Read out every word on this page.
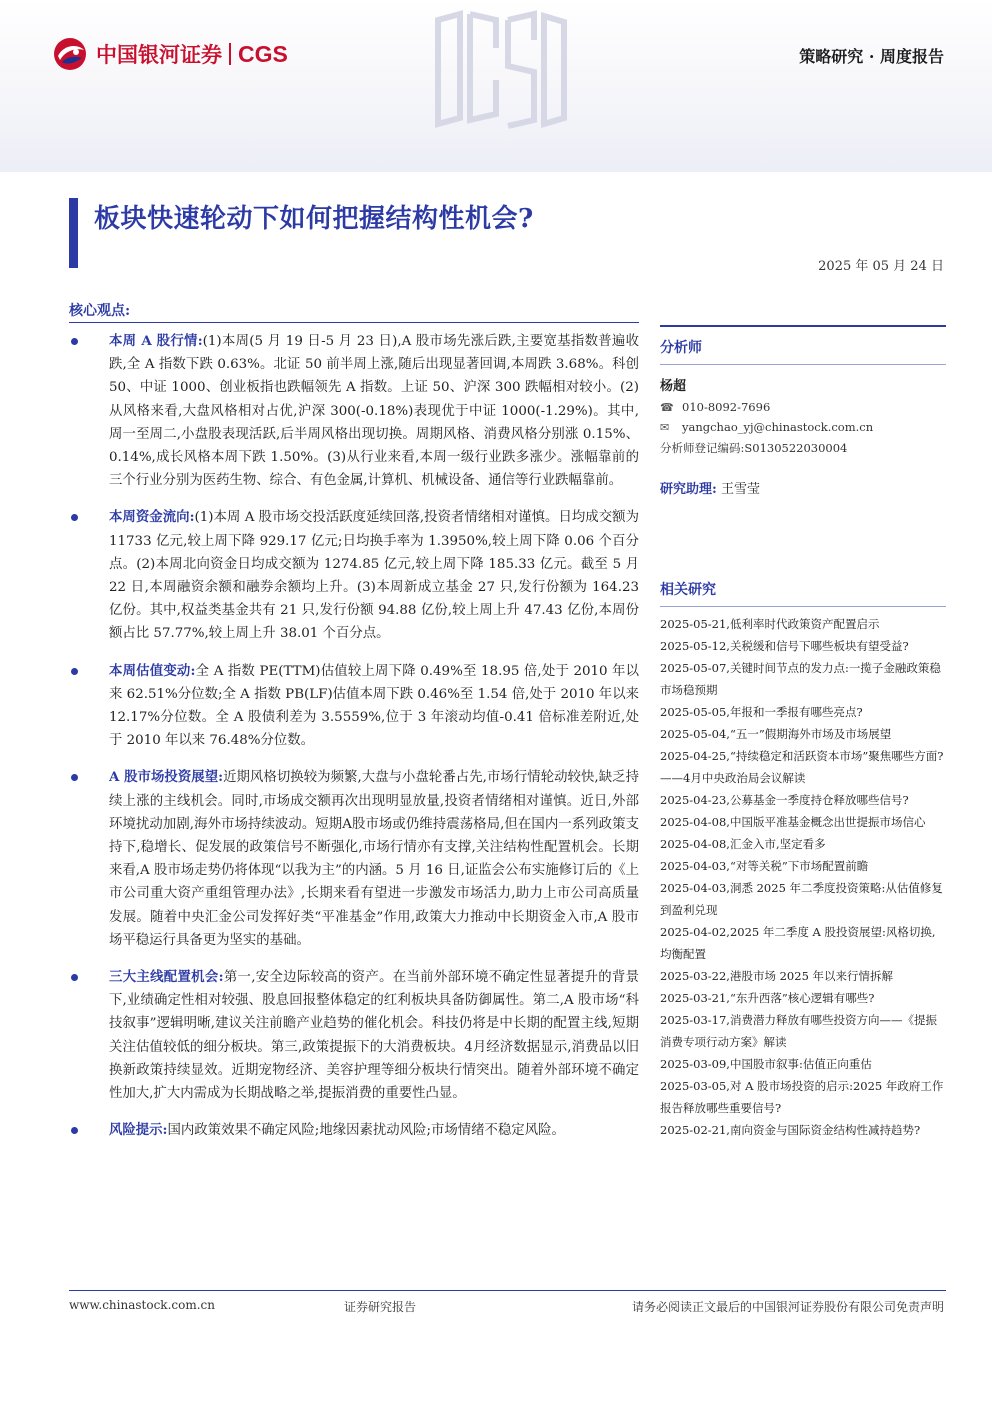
中国银河证券 CGS	策略研究 · 周度报告
板块快速轮动下如何把握结构性机会?
2025 年 05 月 24 日
核心观点:
本周 A 股行情:(1)本周(5 月 19 日-5 月 23 日),A 股市场先涨后跌,主要宽基指数普遍收跌,全 A 指数下跌 0.63%。北证 50 前半周上涨,随后出现显著回调,本周跌 3.68%。科创 50、中证 1000、创业板指也跌幅领先 A 指数。上证 50、沪深 300 跌幅相对较小。(2)从风格来看,大盘风格相对占优,沪深 300(-0.18%)表现优于中证 1000(-1.29%)。其中,周一至周二,小盘股表现活跃,后半周风格出现切换。周期风格、消费风格分别涨 0.15%、0.14%,成长风格本周下跌 1.50%。(3)从行业来看,本周一级行业跌多涨少。涨幅靠前的三个行业分别为医药生物、综合、有色金属,计算机、机械设备、通信等行业跌幅靠前。
本周资金流向:(1)本周 A 股市场交投活跃度延续回落,投资者情绪相对谨慎。日均成交额为 11733 亿元,较上周下降 929.17 亿元;日均换手率为 1.3950%,较上周下降 0.06 个百分点。(2)本周北向资金日均成交额为 1274.85 亿元,较上周下降 185.33 亿元。截至 5 月 22 日,本周融资余额和融券余额均上升。(3)本周新成立基金 27 只,发行份额为 164.23 亿份。其中,权益类基金共有 21 只,发行份额 94.88 亿份,较上周上升 47.43 亿份,本周份额占比 57.77%,较上周上升 38.01 个百分点。
本周估值变动:全 A 指数 PE(TTM)估值较上周下降 0.49%至 18.95 倍,处于 2010 年以来 62.51%分位数;全 A 指数 PB(LF)估值本周下跌 0.46%至 1.54 倍,处于 2010 年以来 12.17%分位数。全 A 股债利差为 3.5559%,位于 3 年滚动均值-0.41 倍标准差附近,处于 2010 年以来 76.48%分位数。
A 股市场投资展望:近期风格切换较为频繁,大盘与小盘轮番占先,市场行情轮动较快,缺乏持续上涨的主线机会。同时,市场成交额再次出现明显放量,投资者情绪相对谨慎。近日,外部环境扰动加剧,海外市场持续波动。短期A股市场或仍维持震荡格局,但在国内一系列政策支持下,稳增长、促发展的政策信号不断强化,市场行情亦有支撑,关注结构性配置机会。长期来看,A 股市场走势仍将体现“以我为主”的内涵。5 月 16 日,证监会公布实施修订后的《上市公司重大资产重组管理办法》,长期来看有望进一步激发市场活力,助力上市公司高质量发展。随着中央汇金公司发挥好类“平准基金”作用,政策大力推动中长期资金入市,A 股市场平稳运行具备更为坚实的基础。
三大主线配置机会:第一,安全边际较高的资产。在当前外部环境不确定性显著提升的背景下,业绩确定性相对较强、股息回报整体稳定的红利板块具备防御属性。第二,A 股市场“科技叙事”逻辑明晰,建议关注前瞻产业趋势的催化机会。科技仍将是中长期的配置主线,短期关注估值较低的细分板块。第三,政策提振下的大消费板块。4月经济数据显示,消费品以旧换新政策持续显效。近期宠物经济、美容护理等细分板块行情突出。随着外部环境不确定性加大,扩大内需成为长期战略之举,提振消费的重要性凸显。
风险提示:国内政策效果不确定风险;地缘因素扰动风险;市场情绪不稳定风险。
分析师
杨超
☎ 010-8092-7696
✉	yangchao_yj@chinastock.com.cn
分析师登记编码:S0130522030004
研究助理: 王雪莹
相关研究
2025-05-21,低利率时代政策资产配置启示
2025-05-12,关税缓和信号下哪些板块有望受益?
2025-05-07,关键时间节点的发力点:一揽子金融政策稳市场稳预期
2025-05-05,年报和一季报有哪些亮点?
2025-05-04,“五一”假期海外市场及市场展望
2025-04-25,“持续稳定和活跃资本市场”聚焦哪些方面?——4月中央政治局会议解读
2025-04-23,公募基金一季度持仓释放哪些信号?
2025-04-08,中国版平准基金概念出世提振市场信心
2025-04-08,汇金入市,坚定看多
2025-04-03,“对等关税”下市场配置前瞻
2025-04-03,洞悉 2025 年二季度投资策略:从估值修复到盈利兑现
2025-04-02,2025 年二季度 A 股投资展望:风格切换,均衡配置
2025-03-22,港股市场 2025 年以来行情拆解
2025-03-21,“东升西落”核心逻辑有哪些?
2025-03-17,消费潜力释放有哪些投资方向——《提振消费专项行动方案》解读
2025-03-09,中国股市叙事:估值正向重估
2025-03-05,对 A 股市场投资的启示:2025 年政府工作报告释放哪些重要信号?
2025-02-21,南向资金与国际资金结构性减持趋势?
www.chinastock.com.cn	证券研究报告	请务必阅读正文最后的中国银河证券股份有限公司免责声明
